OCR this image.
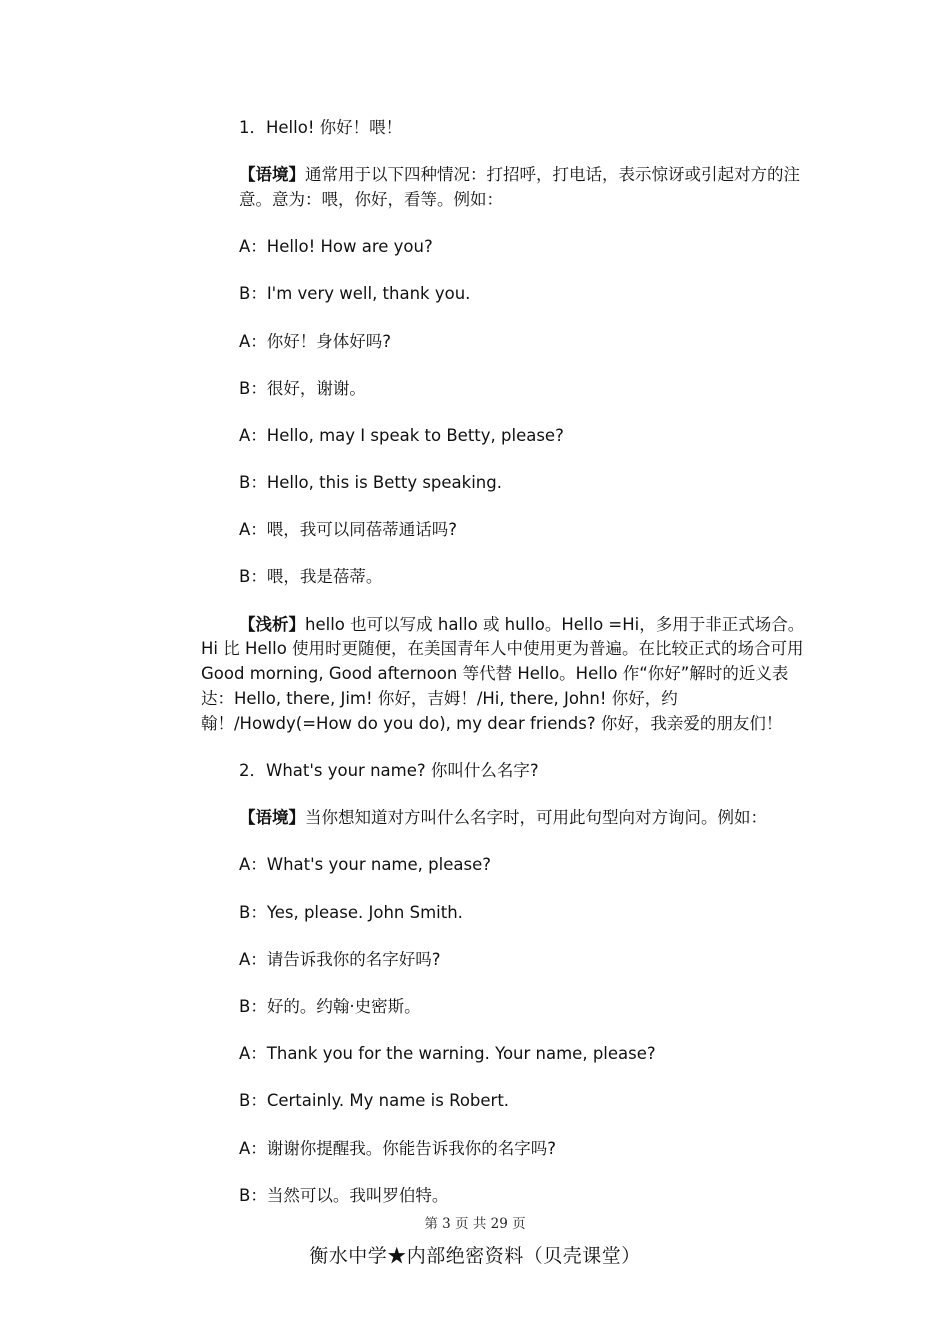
1．Hello! 你好！喂！

【语境】通常用于以下四种情况：打招呼，打电话，表示惊讶或引起对方的注意。意为：喂，你好，看等。例如：

A：Hello! How are you?

B：I'm very well, thank you.

A：你好！身体好吗?

B：很好，谢谢。

A：Hello, may I speak to Betty, please?

B：Hello, this is Betty speaking.

A：喂，我可以同蓓蒂通话吗?

B：喂，我是蓓蒂。

【浅析】hello 也可以写成 hallo 或 hullo。Hello =Hi，多用于非正式场合。Hi 比 Hello 使用时更随便，在美国青年人中使用更为普遍。在比较正式的场合可用 Good morning, Good afternoon 等代替 Hello。Hello 作“你好”解时的近义表达：Hello, there, Jim! 你好，吉姆！/Hi, there, John! 你好，约翰！/Howdy(=How do you do), my dear friends? 你好，我亲爱的朋友们！

2．What's your name? 你叫什么名字?

【语境】当你想知道对方叫什么名字时，可用此句型向对方询问。例如：

A：What's your name, please?

B：Yes, please. John Smith.

A：请告诉我你的名字好吗?

B：好的。约翰·史密斯。

A：Thank you for the warning. Your name, please?

B：Certainly. My name is Robert.

A：谢谢你提醒我。你能告诉我你的名字吗?

B：当然可以。我叫罗伯特。

第 3 页 共 29 页
衡水中学★内部绝密资料（贝壳课堂）
